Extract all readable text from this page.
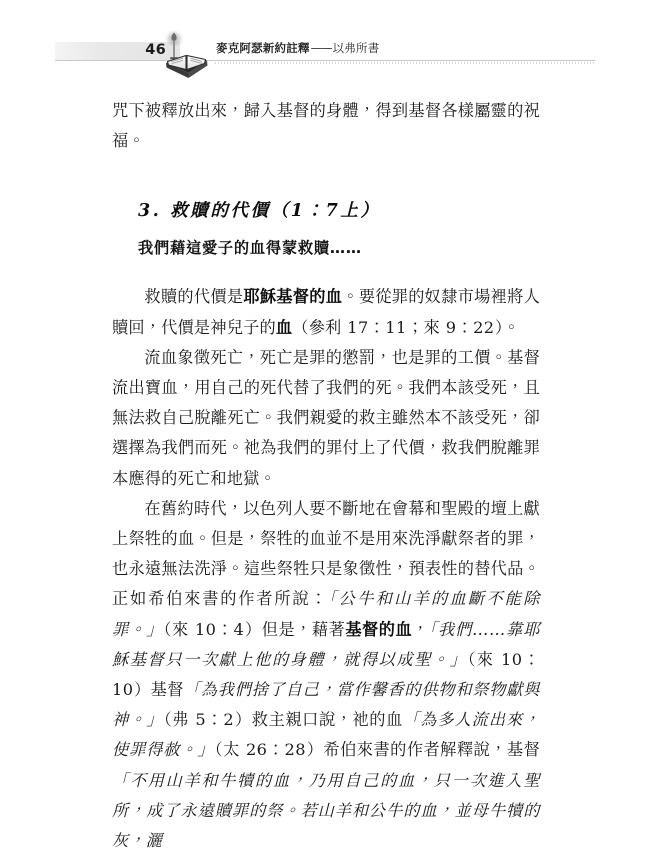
46	麥克阿瑟新約註釋——以弗所書

咒下被釋放出來，歸入基督的身體，得到基督各樣屬靈的祝福。

3. 救贖的代價（1：7上）
我們藉這愛子的血得蒙救贖……

救贖的代價是耶穌基督的血。要從罪的奴隸市場裡將人贖回，代價是神兒子的血（參利 17：11；來 9：22）。

流血象徵死亡，死亡是罪的懲罰，也是罪的工價。基督流出寶血，用自己的死代替了我們的死。我們本該受死，且無法救自己脫離死亡。我們親愛的救主雖然本不該受死，卻選擇為我們而死。祂為我們的罪付上了代價，救我們脫離罪本應得的死亡和地獄。

在舊約時代，以色列人要不斷地在會幕和聖殿的壇上獻上祭牲的血。但是，祭牲的血並不是用來洗淨獻祭者的罪，也永遠無法洗淨。這些祭牲只是象徵性，預表性的替代品。正如希伯來書的作者所說：「公牛和山羊的血斷不能除罪。」（來 10：4）但是，藉著基督的血，「我們……靠耶穌基督只一次獻上他的身體，就得以成聖。」（來 10：10）基督「為我們捨了自己，當作馨香的供物和祭物獻與神。」（弗 5：2）救主親口說，祂的血「為多人流出來，使罪得赦。」（太 26：28）希伯來書的作者解釋說，基督「不用山羊和牛犢的血，乃用自己的血，只一次進入聖所，成了永遠贖罪的祭。若山羊和公牛的血，並母牛犢的灰，灑
